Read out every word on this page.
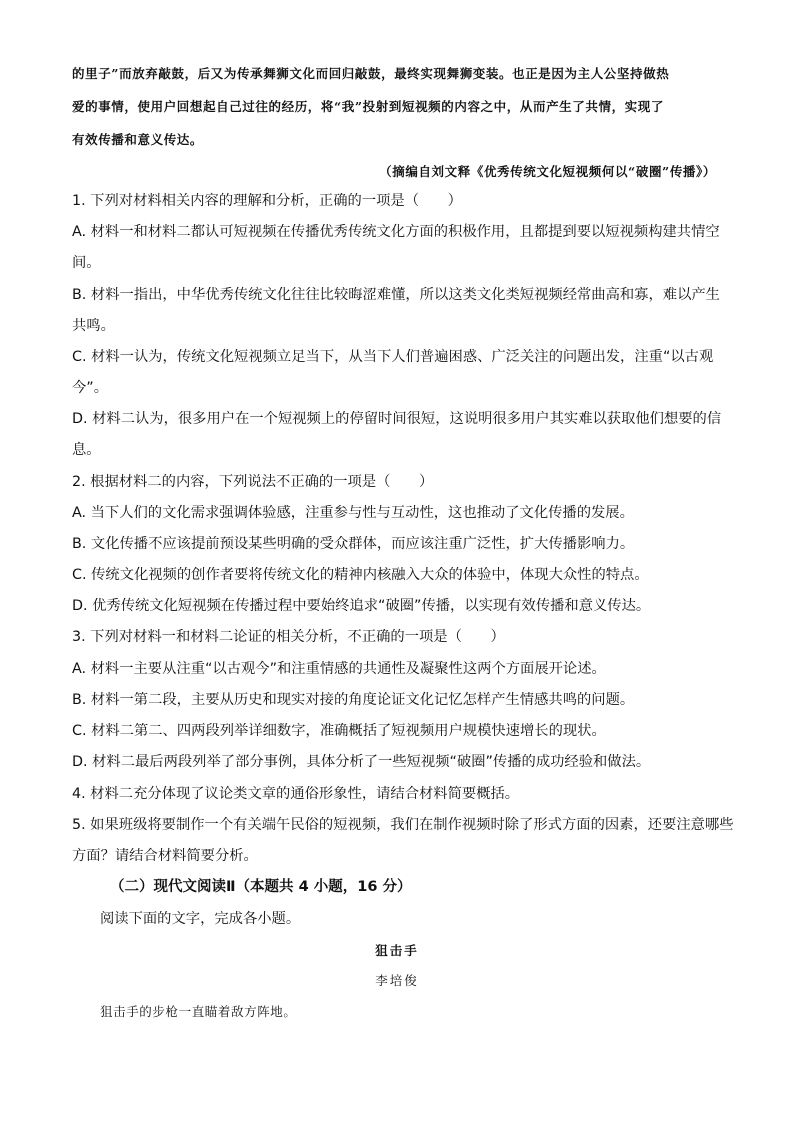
的里子”而放弃敲鼓，后又为传承舞狮文化而回归敲鼓，最终实现舞狮变装。也正是因为主人公坚持做热
爱的事情，使用户回想起自己过往的经历，将“我”投射到短视频的内容之中，从而产生了共情，实现了
有效传播和意义传达。
（摘编自刘文释《优秀传统文化短视频何以“破圈”传播》）
1. 下列对材料相关内容的理解和分析，正确的一项是（　　）
A. 材料一和材料二都认可短视频在传播优秀传统文化方面的积极作用，且都提到要以短视频构建共情空
间。
B. 材料一指出，中华优秀传统文化往往比较晦涩难懂，所以这类文化类短视频经常曲高和寡，难以产生
共鸣。
C. 材料一认为，传统文化短视频立足当下，从当下人们普遍困惑、广泛关注的问题出发，注重“以古观
今”。
D. 材料二认为，很多用户在一个短视频上的停留时间很短，这说明很多用户其实难以获取他们想要的信
息。
2. 根据材料二的内容，下列说法不正确的一项是（　　）
A. 当下人们的文化需求强调体验感，注重参与性与互动性，这也推动了文化传播的发展。
B. 文化传播不应该提前预设某些明确的受众群体，而应该注重广泛性，扩大传播影响力。
C. 传统文化视频的创作者要将传统文化的精神内核融入大众的体验中，体现大众性的特点。
D. 优秀传统文化短视频在传播过程中要始终追求“破圈”传播，以实现有效传播和意义传达。
3. 下列对材料一和材料二论证的相关分析，不正确的一项是（　　）
A. 材料一主要从注重“以古观今”和注重情感的共通性及凝聚性这两个方面展开论述。
B. 材料一第二段，主要从历史和现实对接的角度论证文化记忆怎样产生情感共鸣的问题。
C. 材料二第二、四两段列举详细数字，准确概括了短视频用户规模快速增长的现状。
D. 材料二最后两段列举了部分事例，具体分析了一些短视频“破圈”传播的成功经验和做法。
4. 材料二充分体现了议论类文章的通俗形象性，请结合材料简要概括。
5. 如果班级将要制作一个有关端午民俗的短视频，我们在制作视频时除了形式方面的因素，还要注意哪些
方面？请结合材料简要分析。
（二）现代文阅读Ⅱ（本题共 4 小题，16 分）
阅读下面的文字，完成各小题。
狙击手
李培俊
狙击手的步枪一直瞄着敌方阵地。
